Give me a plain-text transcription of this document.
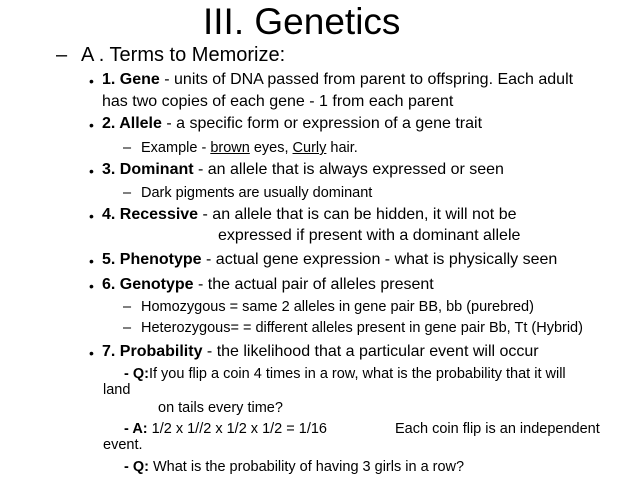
III. Genetics
– A . Terms to Memorize:
• 1. Gene - units of DNA passed from parent to offspring. Each adult
has two copies of each gene - 1 from each parent
• 2. Allele - a specific form or expression of a gene trait
– Example - brown eyes, Curly hair.
• 3. Dominant - an allele that is always expressed or seen
– Dark pigments are usually dominant
• 4. Recessive - an allele that is can be hidden, it will not be
expressed if present with a dominant allele
• 5. Phenotype - actual gene expression - what is physically seen
• 6. Genotype - the actual pair of alleles present
– Homozygous = same 2 alleles in gene pair BB, bb (purebred)
– Heterozygous= = different alleles present in gene pair Bb, Tt (Hybrid)
• 7. Probability - the likelihood that a particular event will occur
- Q:If you flip a coin 4 times in a row, what is the probability that it will
land
on tails every time?
- A: 1/2 x 1//2 x 1/2 x 1/2 = 1/16	Each coin flip is an independent
event.
- Q: What is the probability of having 3 girls in a row?
